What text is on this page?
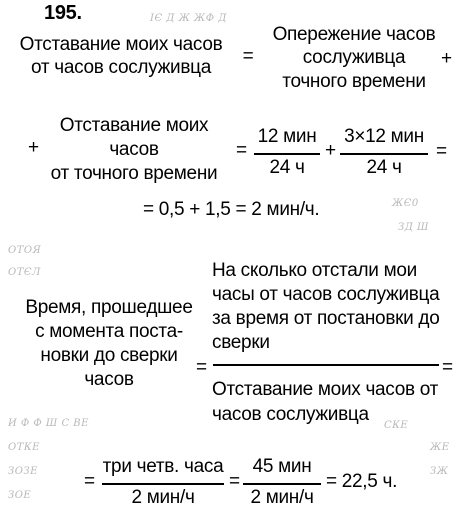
195.	ІЄ Д Ж ЖФ Д
Отставание моих часов
от часов сослуживца
=
Опережение часов
сослуживца
точного времени
+
+
Отставание моих
часов
от точного времени
=
12 мин
24 ч
+
3×12 мин
24 ч
=
= 0,5 + 1,5 = 2 мин/ч.	ЖЄ0
ЗД Ш
ОТОЯ
ОТЄЛ	На сколько отстали мои
часы от часов сослуживца
за время от постановки до
сверки
Время, прошедшее
с момента поста-
новки до сверки
часов
=	=
Отставание моих часов от
часов сослуживца
И Ф Ф Ш С ВЕ
ОТКЕ
ЗОЗЕ
ЗОЕ
СКЕ
ЖЕ
ЗЖ
=
три четв. часа
2 мин/ч
=
45 мин
2 мин/ч
= 22,5 ч.
